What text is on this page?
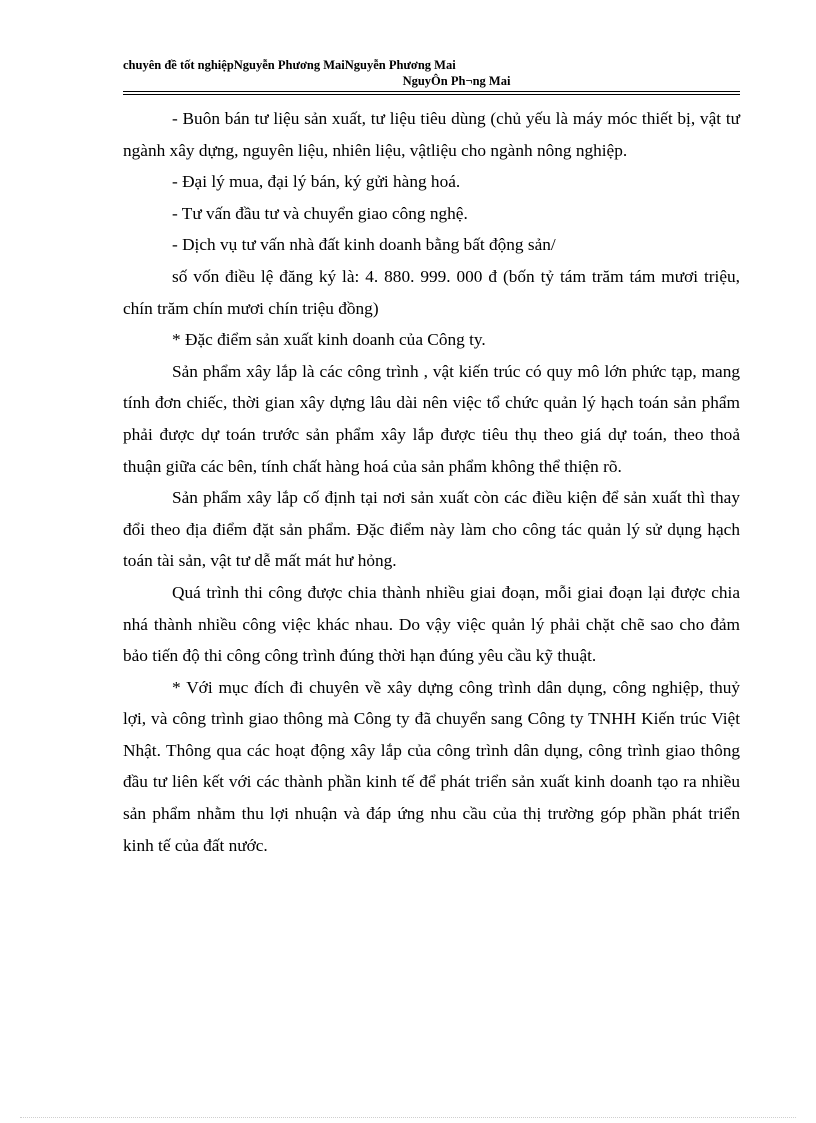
chuyên đề tốt nghiệpNguyễn Phương MaiNguyễn Phương Mai
NguyÔn Ph¬ng Mai

- Buôn bán tư liệu sản xuất, tư liệu tiêu dùng (chủ yếu là máy móc thiết bị, vật tư ngành xây dựng, nguyên liệu, nhiên liệu, vậtliệu cho ngành nông nghiệp.

- Đại lý mua, đại lý bán, ký gửi hàng hoá.

- Tư vấn đầu tư và chuyển giao công nghệ.

- Dịch vụ tư vấn nhà đất kinh doanh bằng bất động sản/

số vốn điều lệ đăng ký là: 4. 880. 999. 000 đ (bốn tỷ tám trăm tám mươi triệu, chín trăm chín mươi chín triệu đồng)

* Đặc điểm sản xuất kinh doanh của Công ty.

Sản phẩm xây lắp là các công trình , vật kiến trúc có quy mô lớn phức tạp, mang tính đơn chiếc, thời gian xây dựng lâu dài nên việc tổ chức quản lý hạch toán sản phẩm phải được dự toán trước sản phẩm xây lắp được tiêu thụ theo giá dự toán, theo thoả thuận giữa các bên, tính chất hàng hoá của sản phẩm không thể thiện rõ.

Sản phẩm xây lắp cố định tại nơi sản xuất còn các điều kiện để sản xuất thì thay đổi theo địa điểm đặt sản phẩm. Đặc điểm này làm cho công tác quản lý sử dụng hạch toán tài sản, vật tư dễ mất mát hư hỏng.

Quá trình thi công được chia thành nhiều giai đoạn, mỗi giai đoạn lại được chia nhá thành nhiều công việc khác nhau. Do vậy việc quản lý phải chặt chẽ sao cho đảm bảo tiến độ thi công công trình đúng thời hạn đúng yêu cầu kỹ thuật.

* Với mục đích đi chuyên về xây dựng công trình dân dụng, công nghiệp, thuỷ lợi, và công trình giao thông mà Công ty đã chuyển sang Công ty TNHH Kiến trúc Việt Nhật. Thông qua các hoạt động xây lắp của công trình dân dụng, công trình giao thông đầu tư liên kết với các thành phần kinh tế để phát triển sản xuất kinh doanh tạo ra nhiều sản phẩm nhằm thu lợi nhuận và đáp ứng nhu cầu của thị trường góp phần phát triển kinh tế của đất nước.
